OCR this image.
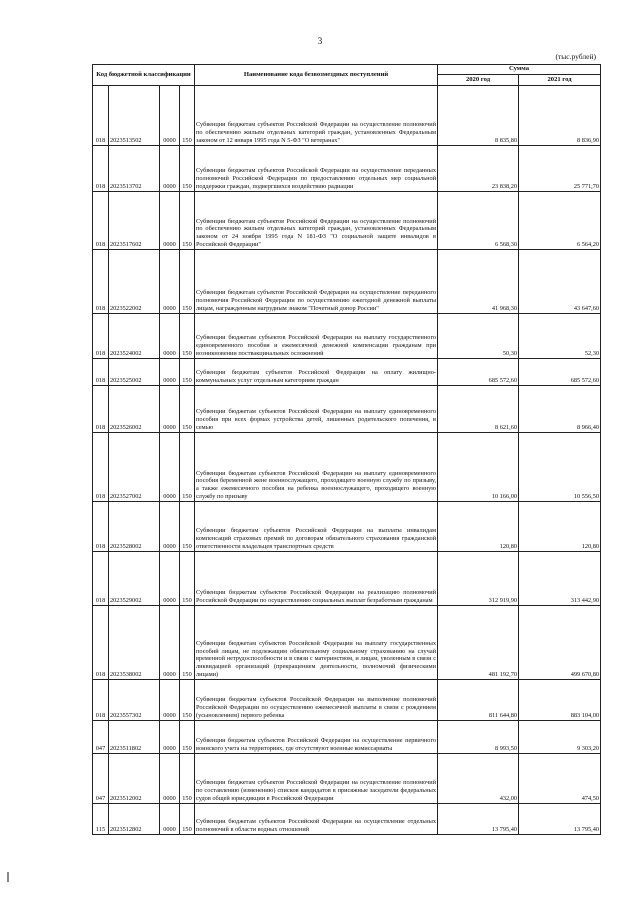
3
(тыс.рублей)
Код бюджетной классификации				Наименование кода безвозмездных поступлений	Сумма	
					2020 год	2021 год
018	2023513502	0000	150	Субвенции бюджетам субъектов Российской Федерации на осуществление полномочий по обеспечению жильем отдельных категорий граждан, установленных Федеральным законом от 12 января 1995 года N 5-ФЗ "О ветеранах"	8 835,80	8 836,90
018	2023513702	0000	150	Субвенции бюджетам субъектов Российской Федерации на осуществление переданных полномочий Российской Федерации по предоставлению отдельных мер социальной поддержки граждан, подвергшихся воздействию радиации	23 838,20	25 771,70
018	2023517602	0000	150	Субвенции бюджетам субъектов Российской Федерации на осуществление полномочий по обеспечению жильем отдельных категорий граждан, установленных Федеральным законом от 24 ноября 1995 года N 181-ФЗ "О социальной защите инвалидов в Российской Федерации"	6 568,30	6 564,20
018	2023522002	0000	150	Субвенции бюджетам субъектов Российской Федерации на осуществление переданного полномочия Российской Федерации по осуществлению ежегодной денежной выплаты лицам, награжденным нагрудным знаком "Почетный донор России"	41 968,30	43 647,60
018	2023524002	0000	150	Субвенции бюджетам субъектов Российской Федерации на выплату государственного единовременного пособия и ежемесячной денежной компенсации гражданам при возникновении поствакцинальных осложнений	50,30	52,30
018	2023525002	0000	150	Субвенции бюджетам субъектов Российской Федерации на оплату жилищно-коммунальных услуг отдельным категориям граждан	685 572,60	685 572,60
018	2023526002	0000	150	Субвенции бюджетам субъектов Российской Федерации на выплату единовременного пособия при всех формах устройства детей, лишенных родительского попечения, в семью	8 621,60	8 966,40
018	2023527002	0000	150	Субвенции бюджетам субъектов Российской Федерации на выплату единовременного пособия беременной жене военнослужащего, проходящего военную службу по призыву, а также ежемесячного пособия на ребенка военнослужащего, проходящего военную службу по призыву	10 166,00	10 556,50
018	2023528002	0000	150	Субвенции бюджетам субъектов Российской Федерации на выплаты инвалидам компенсаций страховых премий по договорам обязательного страхования гражданской ответственности владельцев транспортных средств	120,80	120,80
018	2023529002	0000	150	Субвенции бюджетам субъектов Российской Федерации на реализацию полномочий Российской Федерации по осуществлению социальных выплат безработным гражданам	312 919,90	313 442,90
018	2023538002	0000	150	Субвенции бюджетам субъектов Российской Федерации на выплату государственных пособий лицам, не подлежащим обязательному социальному страхованию на случай временной нетрудоспособности и в связи с материнством, и лицам, уволенным в связи с ликвидацией организаций (прекращением деятельности, полномочий физическими лицами)	481 192,70	499 670,80
018	2023557302	0000	150	Субвенции бюджетам субъектов Российской Федерации на выполнение полномочий Российской Федерации по осуществлению ежемесячной выплаты в связи с рождением (усыновлением) первого ребенка	811 644,80	883 104,00
047	2023511802	0000	150	Субвенции бюджетам субъектов Российской Федерации на осуществление первичного воинского учета на территориях, где отсутствуют военные комиссариаты	8 993,50	9 303,20
047	2023512002	0000	150	Субвенции бюджетам субъектов Российской Федерации на осуществление полномочий по составлению (изменению) списков кандидатов в присяжные заседатели федеральных судов общей юрисдикции в Российской Федерации	432,00	474,50
115	2023512802	0000	150	Субвенции бюджетам субъектов Российской Федерации на осуществление отдельных полномочий в области водных отношений	13 795,40	13 795,40
